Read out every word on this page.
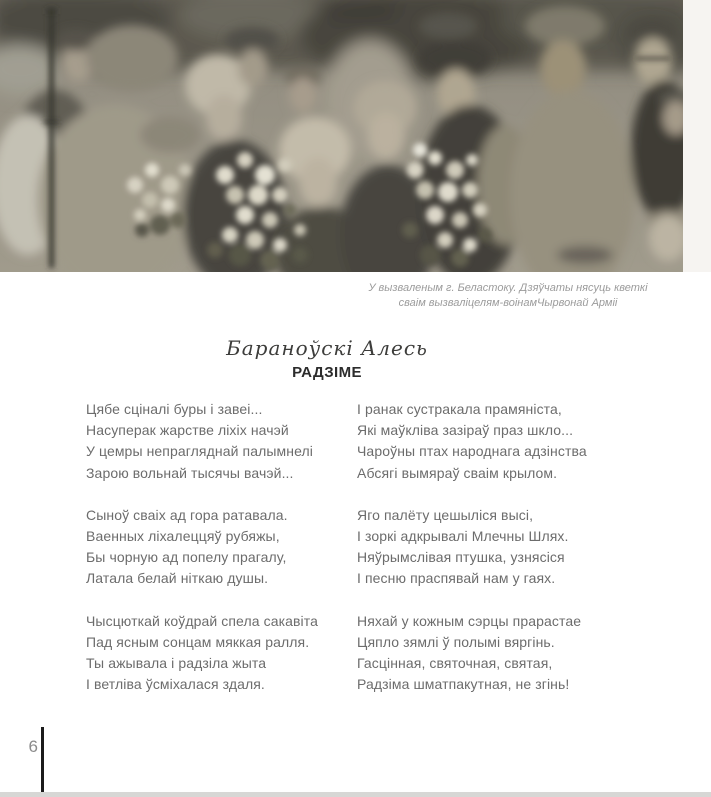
У вызваленым г. Беластоку. Дзяўчаты нясуць кветкі
сваім вызваліцелям-воінамЧырвонай Арміі
Бараноўскі Алесь
РАДЗІМЕ
Цябе сціналі буры і завеі...
Насуперак жарстве ліхіх начэй
У цемры непрагляднай палымнелі
Зарою вольнай тысячы вачэй...
Сыноў сваіх ад гора ратавала.
Ваенных ліхалеццяў рубяжы,
Бы чорную ад попелу прагалу,
Латала белай ніткаю душы.
Чысцюткай коўдрай спела сакавіта
Пад ясным сонцам мяккая ралля.
Ты ажывала і радзіла жыта
І ветліва ўсміхалася здаля.
І ранак сустракала прамяніста,
Які маўкліва зазіраў праз шкло...
Чароўны птах народнага адзінства
Абсягі вымяраў сваім крылом.
Яго палёту цешыліся высі,
І зоркі адкрывалі Млечны Шлях.
Няўрымслівая птушка, узнясіся
І песню праспявай нам у гаях.
Няхай у кожным сэрцы прарастае
Цяпло зямлі ў полымі вяргінь.
Гасцінная, святочная, святая,
Радзіма шматпакутная, не згінь!
6
